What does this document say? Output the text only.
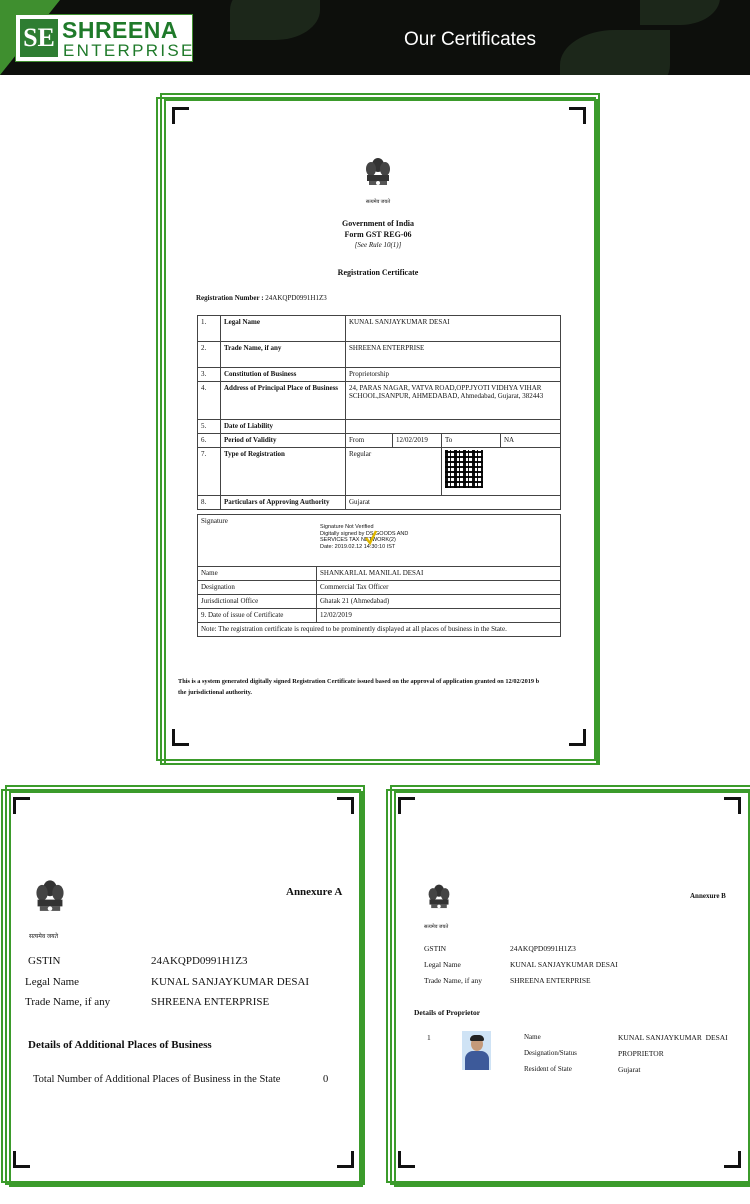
SE SHREENA
ENTERPRISE
Our Certificates
सत्यमेव जयते
Government of India
Form GST REG-06
[See Rule 10(1)]
Registration Certificate
Registration Number : 24AKQPD0991H1Z3
1.	Legal Name	KUNAL SANJAYKUMAR DESAI			
2.	Trade Name, if any	SHREENA ENTERPRISE			
3.	Constitution of Business	Proprietorship			
4.	Address of Principal Place of Business	24, PARAS NAGAR, VATVA ROAD,OPP.JYOTI VIDHYA VIHAR SCHOOL,ISANPUR, AHMEDABAD, Ahmedabad, Gujarat, 382443			
5.	Date of Liability				
6.	Period of Validity	From	12/02/2019	To	NA
7.	Type of Registration	Regular			

8.	Particulars of Approving Authority	Gujarat			
Signature
Signature Not Verified
Digitally signed by DS GOODS AND
SERVICES TAX NETWORK(2)
Date: 2019.02.12 14:30:10 IST	

Name	SHANKARLAL MANILAL DESAI
Designation	Commercial Tax Officer
Jurisdictional Office	Ghatak 21 (Ahmedabad)
9. Date of issue of Certificate	12/02/2019
Note: The registration certificate is required to be prominently displayed at all places of business in the State.	
This is a system generated digitally signed Registration Certificate issued based on the approval of application granted on 12/02/2019 b
the jurisdictional authority.
Annexure A
सत्यमेव जयते
GSTIN	24AKQPD0991H1Z3
Legal Name	KUNAL SANJAYKUMAR DESAI
Trade Name, if any	SHREENA ENTERPRISE
Details of Additional Places of Business
Total Number of Additional Places of Business in the State	0
Annexure B
सत्यमेव जयते
GSTIN	24AKQPD0991H1Z3
Legal Name	KUNAL SANJAYKUMAR DESAI
Trade Name, if any	SHREENA ENTERPRISE
Details of Proprietor
1	Name	KUNAL SANJAYKUMAR  DESAI
Designation/Status	PROPRIETOR
Resident of State	Gujarat
